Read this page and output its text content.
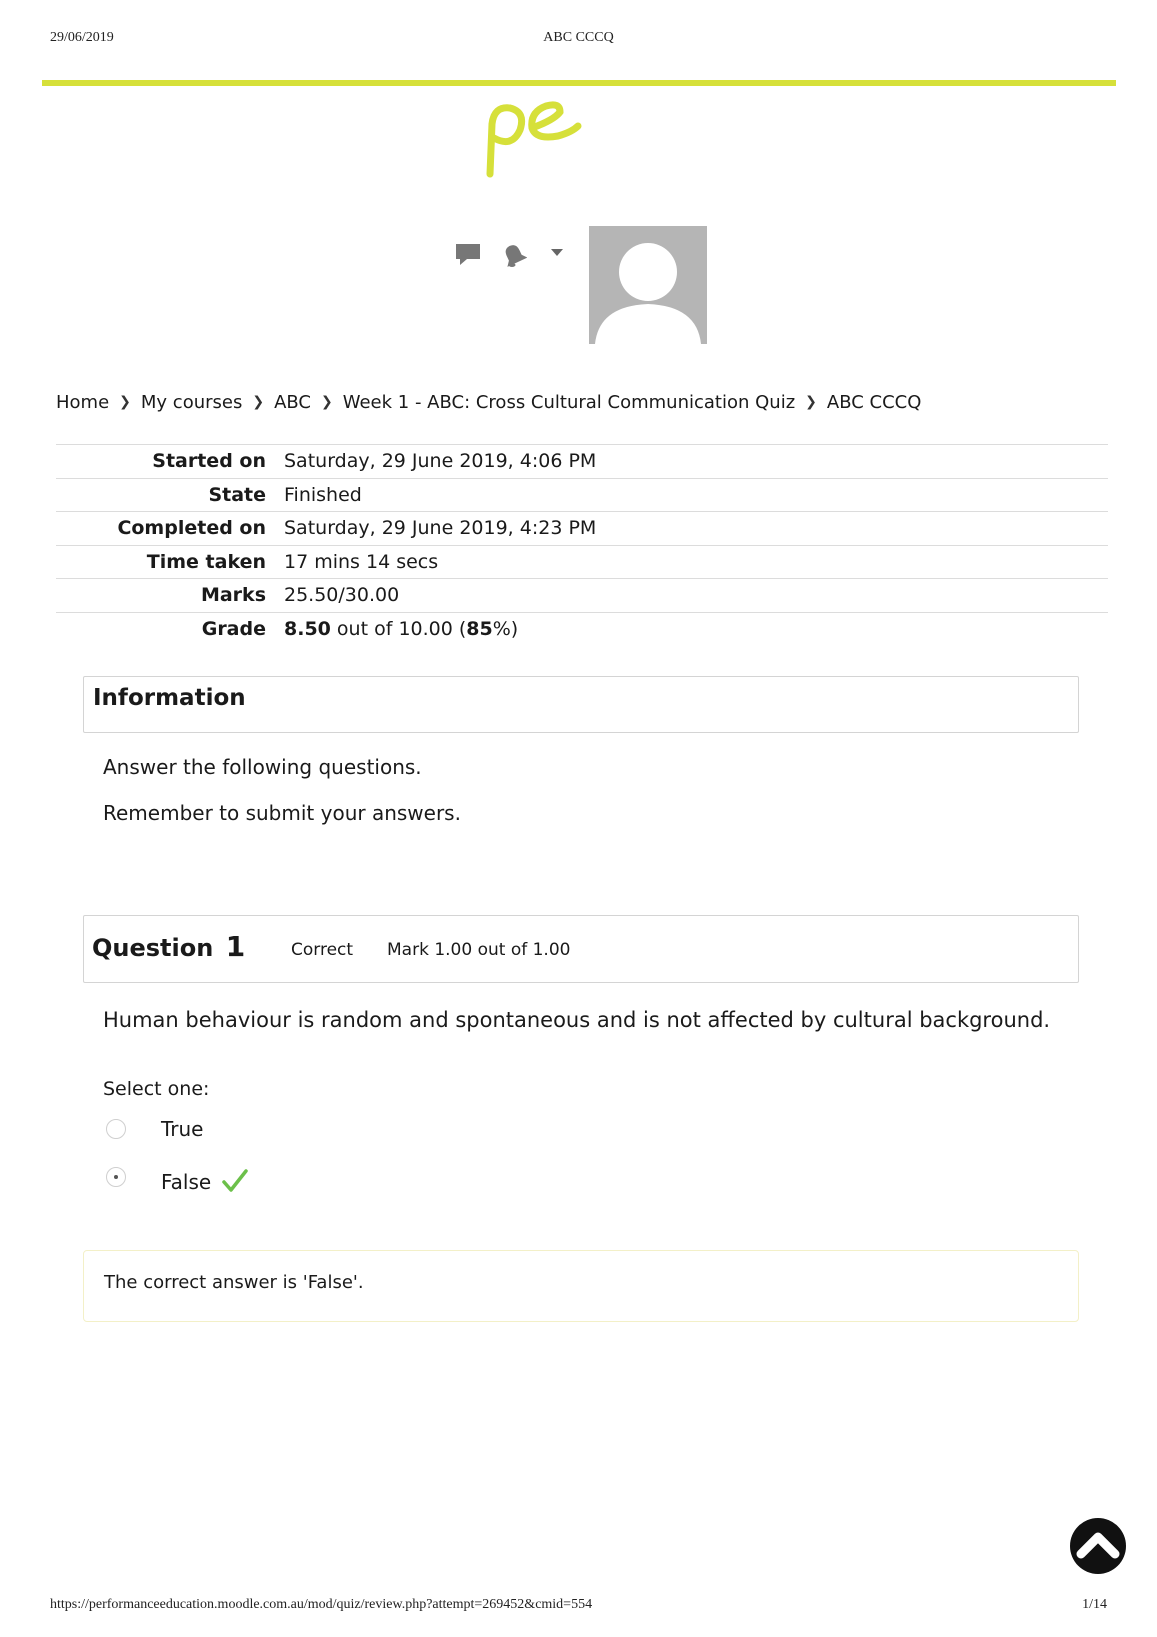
29/06/2019	ABC CCCQ
Home ❯ My courses ❯ ABC ❯ Week 1 - ABC: Cross Cultural Communication Quiz ❯ ABC CCCQ
Started on	Saturday, 29 June 2019, 4:06 PM
State	Finished
Completed on	Saturday, 29 June 2019, 4:23 PM
Time taken	17 mins 14 secs
Marks	25.50/30.00
Grade	8.50 out of 10.00 (85%)
Information
Answer the following questions.
Remember to submit your answers.
Question 1	Correct Mark 1.00 out of 1.00
Human behaviour is random and spontaneous and is not affected by cultural background.
Select one:
True
False
The correct answer is 'False'.
https://performanceeducation.moodle.com.au/mod/quiz/review.php?attempt=269452&cmid=554	1/14
